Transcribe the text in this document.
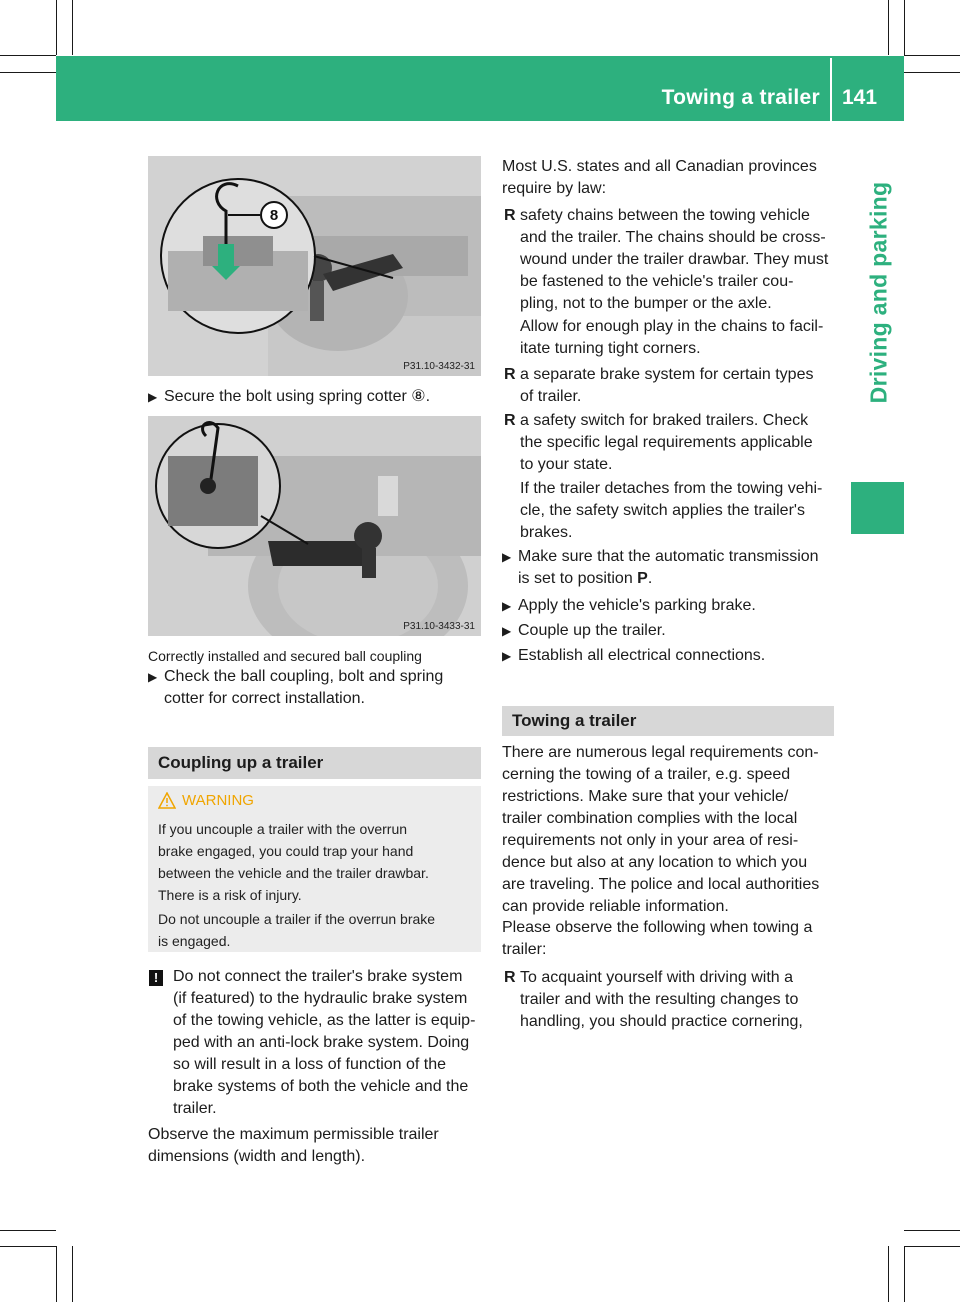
Towing a trailer 141
Driving and parking
8
P31.10-3432-31
▶ Secure the bolt using spring cotter ⑧.
P31.10-3433-31
Correctly installed and secured ball coupling
▶ Check the ball coupling, bolt and spring
cotter for correct installation.
Coupling up a trailer
WARNING
If you uncouple a trailer with the overrun
brake engaged, you could trap your hand
between the vehicle and the trailer drawbar.
There is a risk of injury.
Do not uncouple a trailer if the overrun brake
is engaged.
! Do not connect the trailer's brake system
(if featured) to the hydraulic brake system
of the towing vehicle, as the latter is equip-
ped with an anti-lock brake system. Doing
so will result in a loss of function of the
brake systems of both the vehicle and the
trailer.
Observe the maximum permissible trailer
dimensions (width and length).
Most U.S. states and all Canadian provinces
require by law:
R safety chains between the towing vehicle
and the trailer. The chains should be cross-
wound under the trailer drawbar. They must
be fastened to the vehicle's trailer cou-
pling, not to the bumper or the axle.
Allow for enough play in the chains to facil-
itate turning tight corners.
R a separate brake system for certain types
of trailer.
R a safety switch for braked trailers. Check
the specific legal requirements applicable
to your state.
If the trailer detaches from the towing vehi-
cle, the safety switch applies the trailer's
brakes.
▶ Make sure that the automatic transmission
is set to position P.
▶ Apply the vehicle's parking brake.
▶ Couple up the trailer.
▶ Establish all electrical connections.
Towing a trailer
There are numerous legal requirements con-
cerning the towing of a trailer, e.g. speed
restrictions. Make sure that your vehicle/
trailer combination complies with the local
requirements not only in your area of resi-
dence but also at any location to which you
are traveling. The police and local authorities
can provide reliable information.
Please observe the following when towing a
trailer:
R To acquaint yourself with driving with a
trailer and with the resulting changes to
handling, you should practice cornering,
